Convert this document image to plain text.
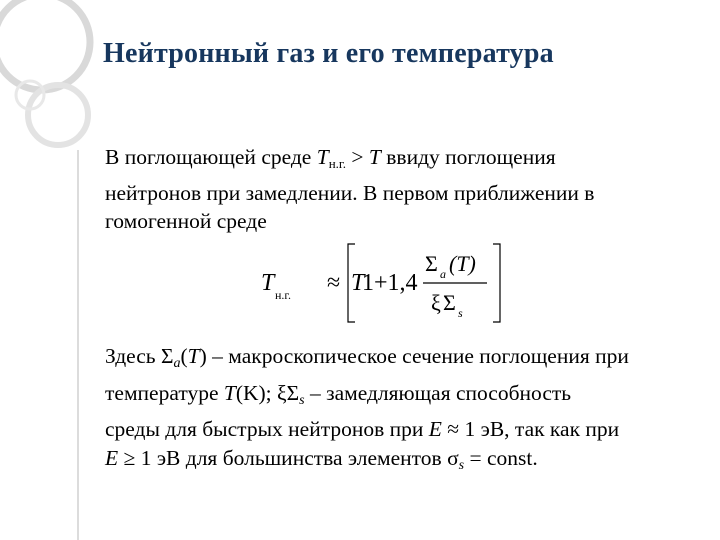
Нейтронный газ и его температура
В поглощающей среде $T_{н.г.} > T$ ввиду поглощения
нейтронов при замедлении. В первом приближении в
гомогенной среде
T н.г. ≈ T
1+1,4
Σ a (T)
ξ Σ s
Здесь Σa(T) – макроскопическое сечение поглощения при
температуре T(K); ξΣs – замедляющая способность
среды для быстрых нейтронов при E ≈ 1 эВ, так как при
E ≥ 1 эВ для большинства элементов σs = const.
